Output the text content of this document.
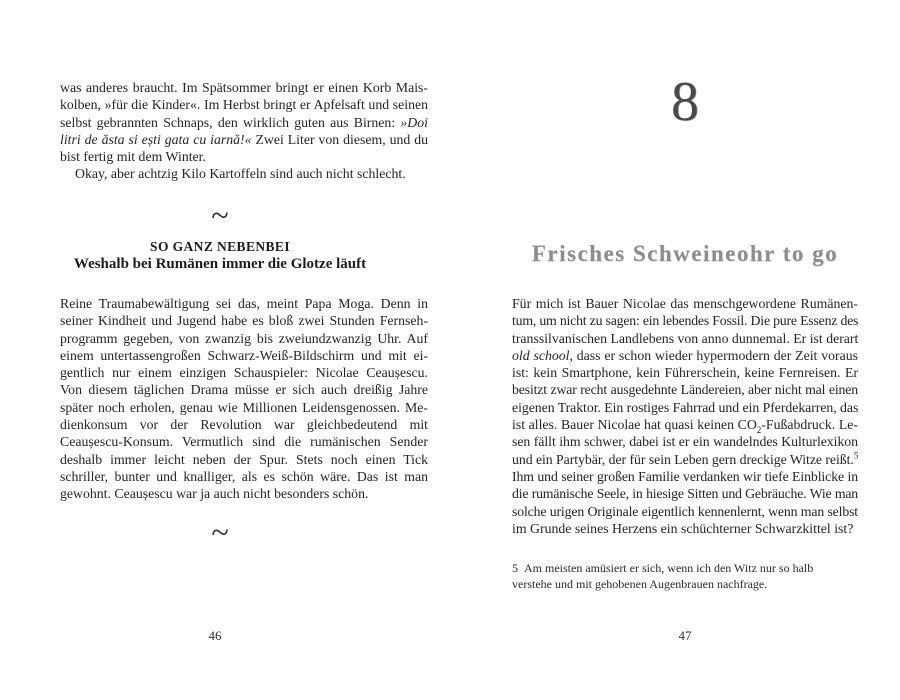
was anderes braucht. Im Spätsommer bringt er einen Korb Mais-
kolben, »für die Kinder«. Im Herbst bringt er Apfelsaft und seinen
selbst gebrannten Schnaps, den wirklich guten aus Birnen: »Doi
litri de ăsta si ești gata cu iarnă!« Zwei Liter von diesem, und du
bist fertig mit dem Winter.
Okay, aber achtzig Kilo Kartoffeln sind auch nicht schlecht.
~
SO GANZ NEBENBEI
Weshalb bei Rumänen immer die Glotze läuft
Reine Traumabewältigung sei das, meint Papa Moga. Denn in
seiner Kindheit und Jugend habe es bloß zwei Stunden Fernseh-
programm gegeben, von zwanzig bis zweiundzwanzig Uhr. Auf
einem untertassengroßen Schwarz-Weiß-Bildschirm und mit ei-
gentlich nur einem einzigen Schauspieler: Nicolae Ceaușescu.
Von diesem täglichen Drama müsse er sich auch dreißig Jahre
später noch erholen, genau wie Millionen Leidensgenossen. Me-
dienkonsum vor der Revolution war gleichbedeutend mit
Ceaușescu-Konsum. Vermutlich sind die rumänischen Sender
deshalb immer leicht neben der Spur. Stets noch einen Tick
schriller, bunter und knalliger, als es schön wäre. Das ist man
gewohnt. Ceaușescu war ja auch nicht besonders schön.
~
46
8
Frisches Schweineohr to go
Für mich ist Bauer Nicolae das menschgewordene Rumänen-
tum, um nicht zu sagen: ein lebendes Fossil. Die pure Essenz des
transsilvanischen Landlebens von anno dunnemal. Er ist derart
old school, dass er schon wieder hypermodern der Zeit voraus
ist: kein Smartphone, kein Führerschein, keine Fernreisen. Er
besitzt zwar recht ausgedehnte Ländereien, aber nicht mal einen
eigenen Traktor. Ein rostiges Fahrrad und ein Pferdekarren, das
ist alles. Bauer Nicolae hat quasi keinen $CO_2$-Fußabdruck. Le-
sen fällt ihm schwer, dabei ist er ein wandelndes Kulturlexikon
und ein Partybär, der für sein Leben gern dreckige Witze reißt.$^5$
Ihm und seiner großen Familie verdanken wir tiefe Einblicke in
die rumänische Seele, in hiesige Sitten und Gebräuche. Wie man
solche urigen Originale eigentlich kennenlernt, wenn man selbst
im Grunde seines Herzens ein schüchterner Schwarzkittel ist?
5  Am meisten amüsiert er sich, wenn ich den Witz nur so halb
verstehe und mit gehobenen Augenbrauen nachfrage.
47
